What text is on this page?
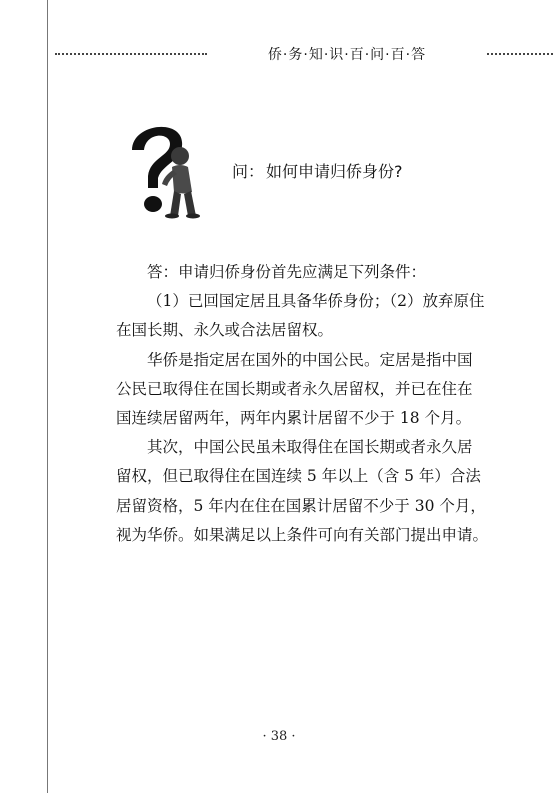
侨·务·知·识·百·问·百·答
问： 如何申请归侨身份?
答：申请归侨身份首先应满足下列条件：
（1）已回国定居且具备华侨身份；（2）放弃原住
在国长期、永久或合法居留权。
华侨是指定居在国外的中国公民。定居是指中国
公民已取得住在国长期或者永久居留权，并已在住在
国连续居留两年，两年内累计居留不少于 18 个月。
其次，中国公民虽未取得住在国长期或者永久居
留权，但已取得住在国连续 5 年以上（含 5 年）合法
居留资格，5 年内在住在国累计居留不少于 30 个月，
视为华侨。如果满足以上条件可向有关部门提出申请。
· 38 ·
